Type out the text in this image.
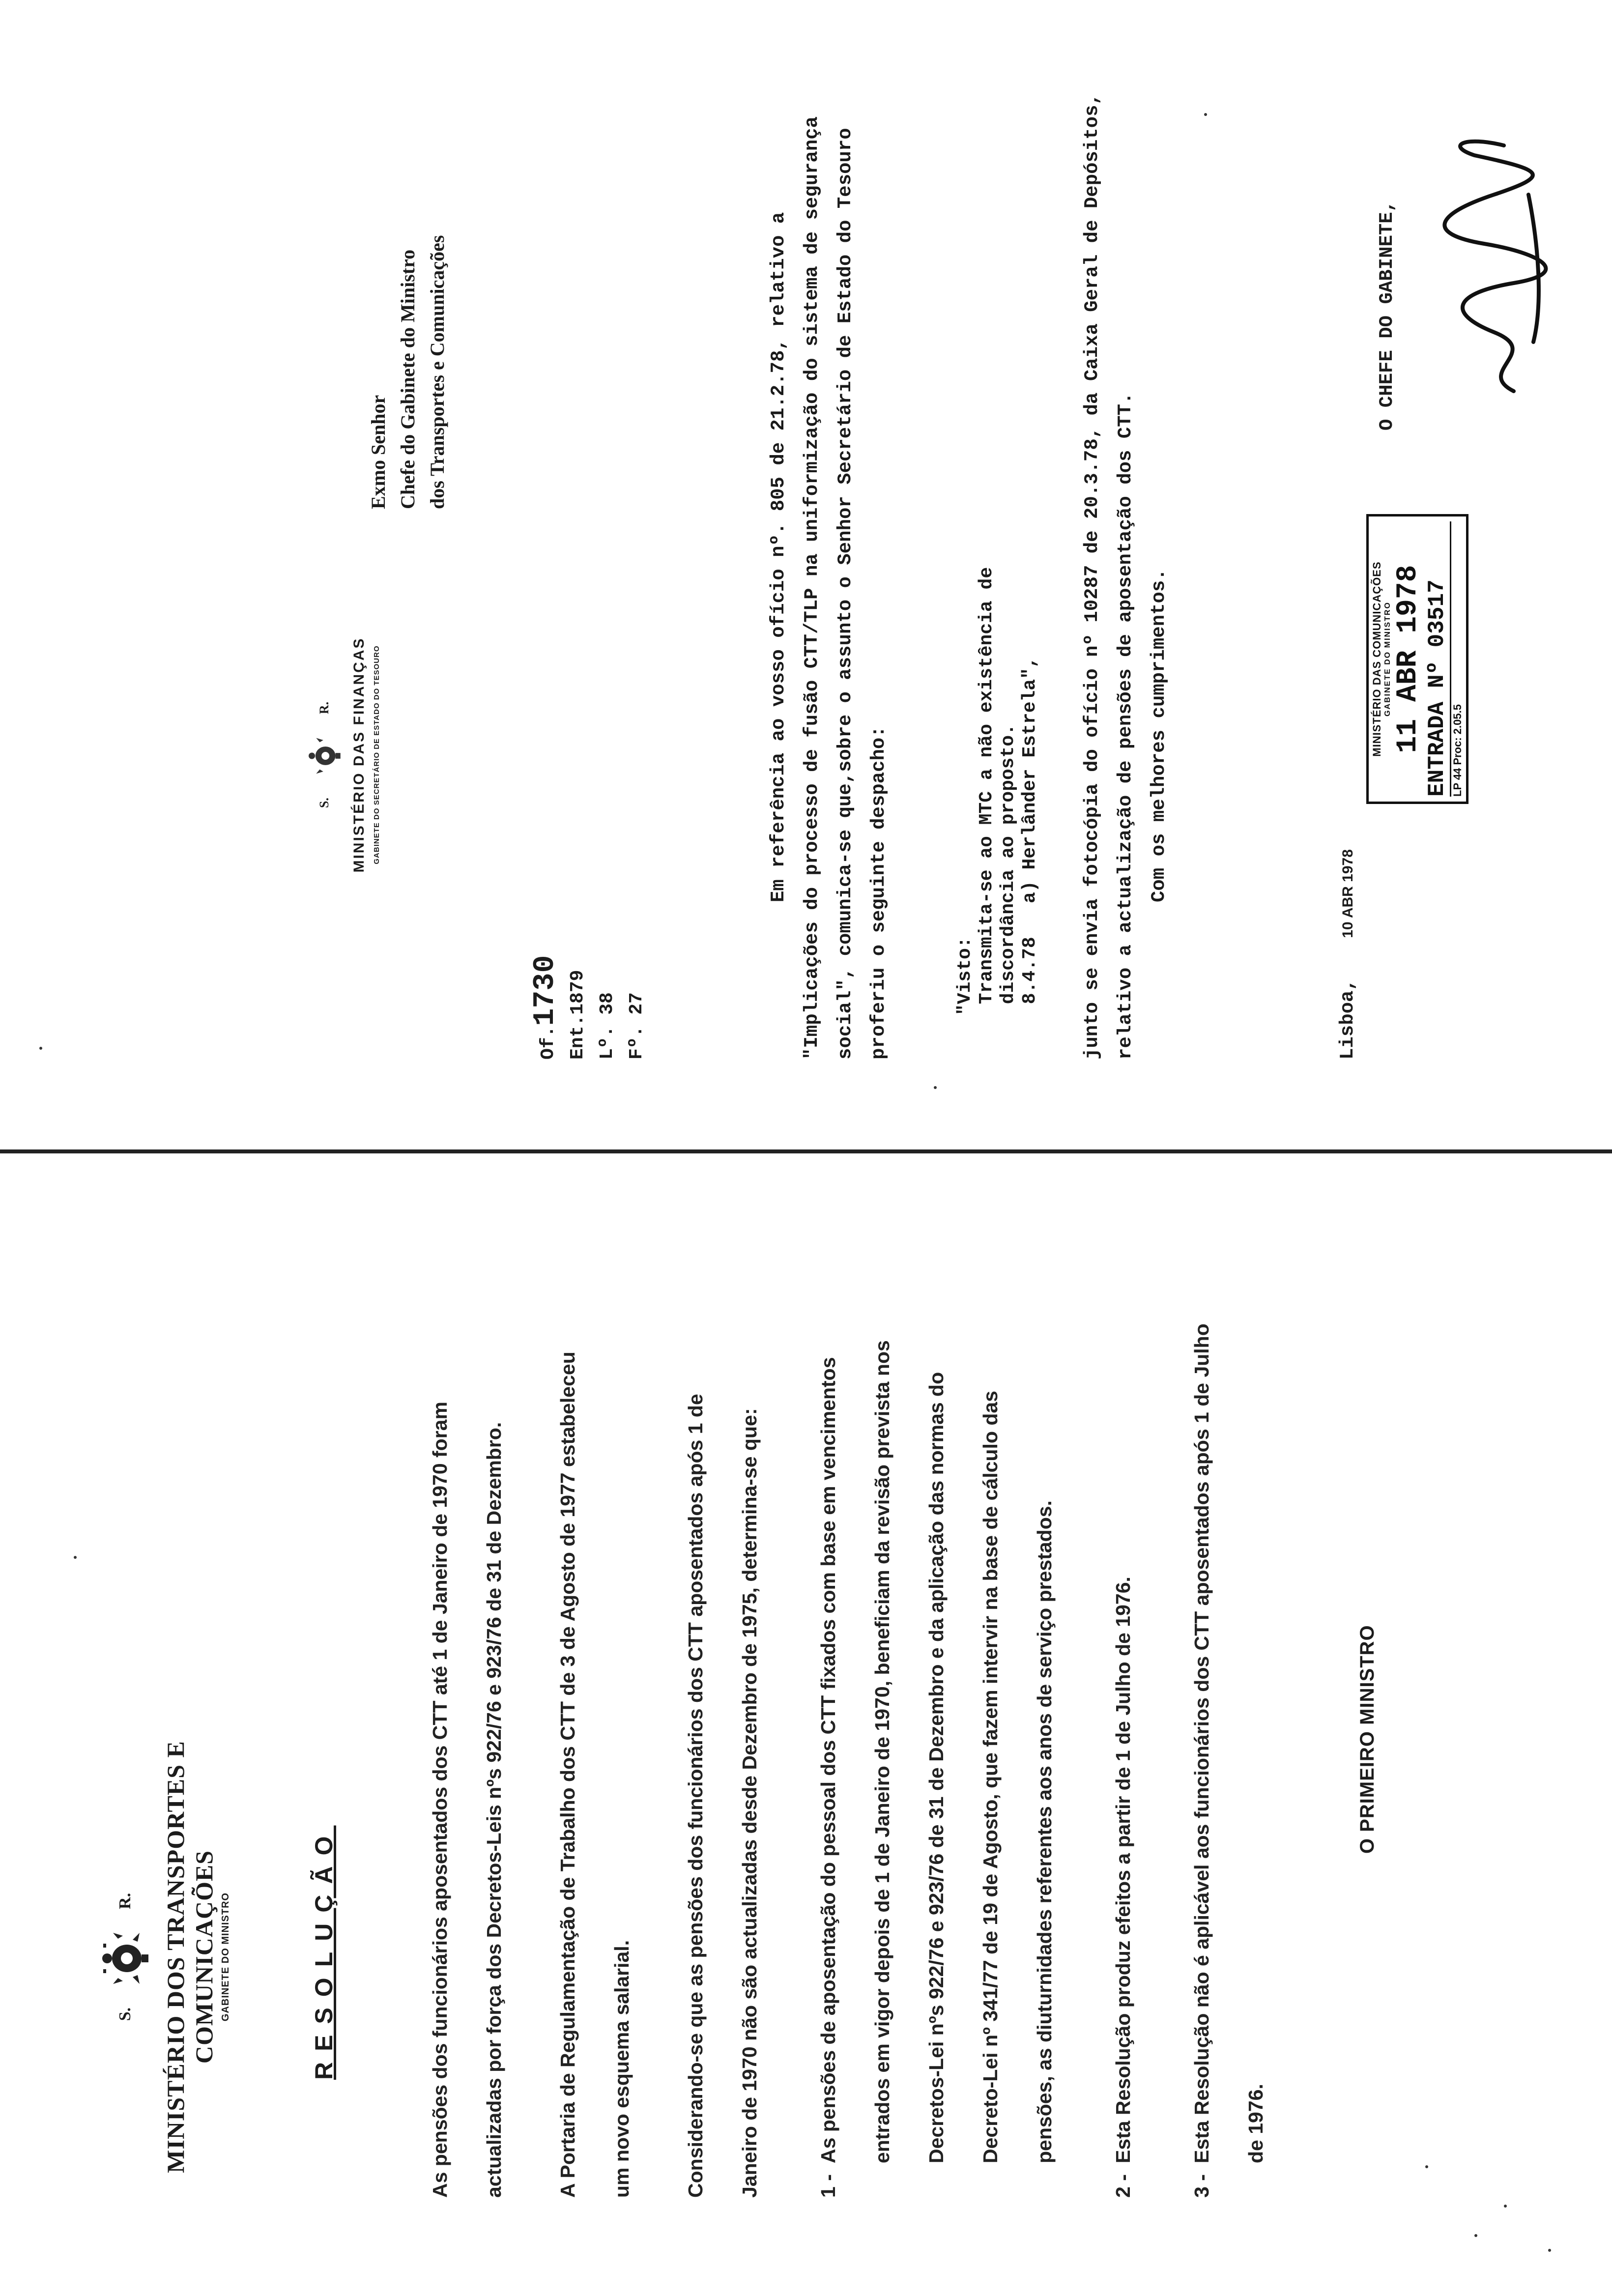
S.
R. MINISTÉRIO DOS TRANSPORTES E COMUNICAÇÕES GABINETE DO MINISTRO	RESOLUÇÃO	As pensões dos funcionários aposentados dos CTT até 1 de Janeiro de 1970 foram actualizadas por força dos Decretos-Leis nºs 922/76 e 923/76 de 31 de Dezembro.	A Portaria de Regulamentação de Trabalho dos CTT de 3 de Agosto de 1977 estabeleceu um novo esquema salarial.	Considerando-se que as pensões dos funcionários dos CTT aposentados após 1 de Janeiro de 1970 não são actualizadas desde Dezembro de 1975, determina-se que:	1 -
As pensões de aposentação do pessoal dos CTT fixados com base em vencimentos entrados em vigor depois de 1 de Janeiro de 1970, beneficiam da revisão prevista nos Decretos-Lei nºs 922/76 e 923/76 de 31 de Dezembro e da aplicação das normas do Decreto-Lei nº 341/77 de 19 de Agosto, que fazem intervir na base de cálculo das pensões, as diuturnidades referentes aos anos de serviço prestados.
2 -
Esta Resolução produz efeitos a partir de 1 de Julho de 1976.
3 -
Esta Resolução não é aplicável aos funcionários dos CTT aposentados após 1 de Julho de 1976.
O PRIMEIRO MINISTRO
S.
R. MINISTÉRIO DAS FINANÇAS GABINETE DO SECRETÁRIO DE ESTADO DO TESOURO
Exmo Senhor Chefe do Gabinete do Ministro dos Transportes e Comunicações
Of.1730 Ent.1879 Lº. 38 Fº. 27

Em referência ao vosso ofício nº. 805 de 21.2.78, relativo a "Implicações do processo de fusão CTT/TLP na uniformização do sistema de segurança social", comunica-se que,sobre o assunto o Senhor Secretário de Estado do Tesouro proferiu o seguinte despacho:	"Visto:
Transmita-se ao MTC a não existência de
discordância ao proposto.
8.4.78   a) Herlânder Estrela",	junto se envia fotocópia do ofício nº 10287 de 20.3.78, da Caixa Geral de Depósitos, relativo a actualização de pensões de aposentação dos CTT. Com os melhores cumprimentos.

Lisboa, 10 ABR 1978
MINISTÉRIO DAS COMUNICAÇÕES GABINETE DO MINISTRO 11 ABR 1978 ENTRADA Nº 03517 LP 44 Proc: 2.05.5
O CHEFE DO GABINETE,
